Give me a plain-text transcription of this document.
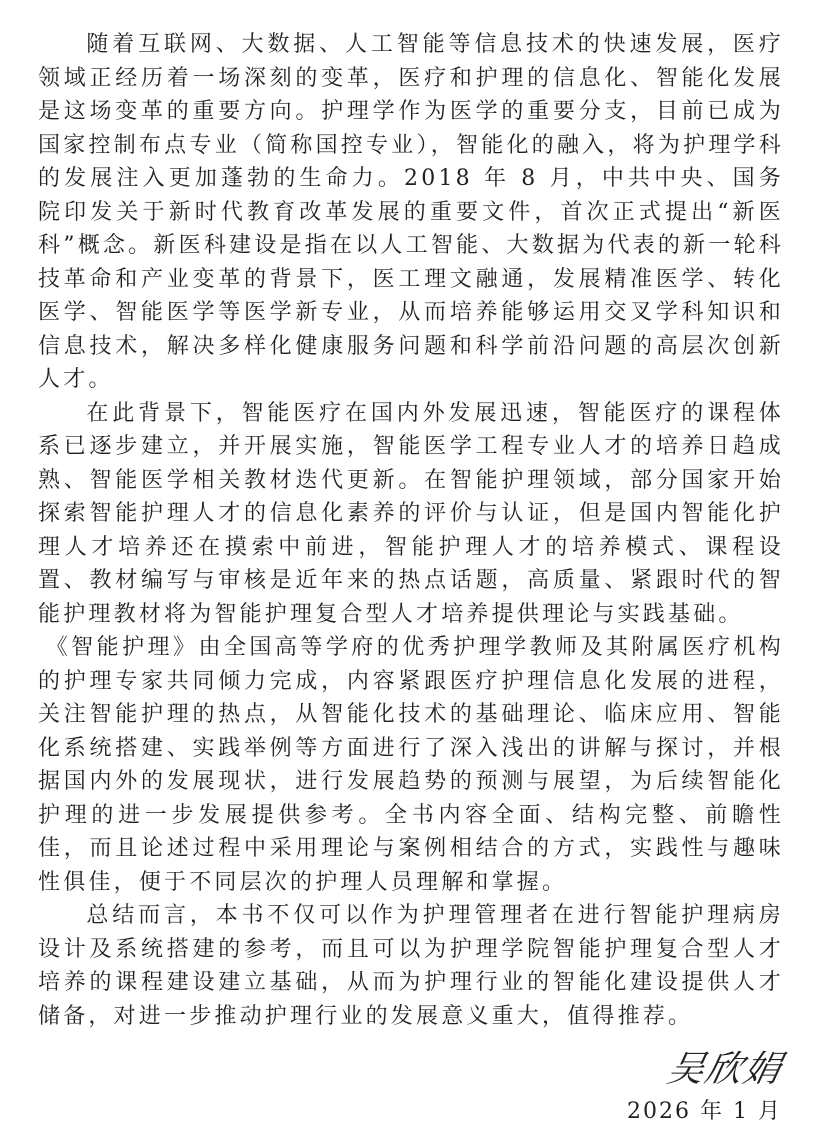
随着互联网、大数据、人工智能等信息技术的快速发展，医疗领域正经历着一场深刻的变革，医疗和护理的信息化、智能化发展是这场变革的重要方向。护理学作为医学的重要分支，目前已成为国家控制布点专业（简称国控专业），智能化的融入，将为护理学科的发展注入更加蓬勃的生命力。2018 年 8 月，中共中央、国务院印发关于新时代教育改革发展的重要文件，首次正式提出“新医科”概念。新医科建设是指在以人工智能、大数据为代表的新一轮科技革命和产业变革的背景下，医工理文融通，发展精准医学、转化医学、智能医学等医学新专业，从而培养能够运用交叉学科知识和信息技术，解决多样化健康服务问题和科学前沿问题的高层次创新人才。

在此背景下，智能医疗在国内外发展迅速，智能医疗的课程体系已逐步建立，并开展实施，智能医学工程专业人才的培养日趋成熟、智能医学相关教材迭代更新。在智能护理领域，部分国家开始探索智能护理人才的信息化素养的评价与认证，但是国内智能化护理人才培养还在摸索中前进，智能护理人才的培养模式、课程设置、教材编写与审核是近年来的热点话题，高质量、紧跟时代的智能护理教材将为智能护理复合型人才培养提供理论与实践基础。

《智能护理》由全国高等学府的优秀护理学教师及其附属医疗机构的护理专家共同倾力完成，内容紧跟医疗护理信息化发展的进程，关注智能护理的热点，从智能化技术的基础理论、临床应用、智能化系统搭建、实践举例等方面进行了深入浅出的讲解与探讨，并根据国内外的发展现状，进行发展趋势的预测与展望，为后续智能化护理的进一步发展提供参考。全书内容全面、结构完整、前瞻性佳，而且论述过程中采用理论与案例相结合的方式，实践性与趣味性俱佳，便于不同层次的护理人员理解和掌握。

总结而言，本书不仅可以作为护理管理者在进行智能护理病房设计及系统搭建的参考，而且可以为护理学院智能护理复合型人才培养的课程建设建立基础，从而为护理行业的智能化建设提供人才储备，对进一步推动护理行业的发展意义重大，值得推荐。

吴欣娟
2026 年 1 月
